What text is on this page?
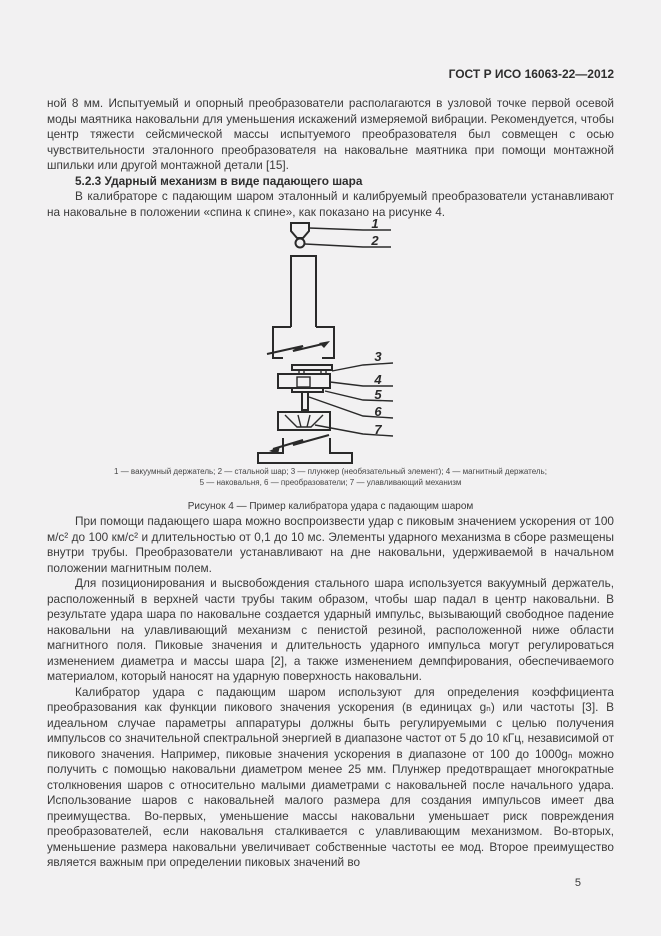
ГОСТ Р ИСО 16063-22—2012

ной 8 мм. Испытуемый и опорный преобразователи располагаются в узловой точке первой осевой моды маятника наковальни для уменьшения искажений измеряемой вибрации. Рекомендуется, чтобы центр тяжести сейсмической массы испытуемого преобразователя был совмещен с осью чувствительности эталонного преобразователя на наковальне маятника при помощи монтажной шпильки или другой монтажной детали [15].

5.2.3 Ударный механизм в виде падающего шара

В калибраторе с падающим шаром эталонный и калибруемый преобразователи устанавливают на наковальне в положении «спина к спине», как показано на рисунке 4.

1
2
3
4
5
6
7
1 — вакуумный держатель; 2 — стальной шар; 3 — плунжер (необязательный элемент); 4 — магнитный держатель;
5 — наковальня, 6 — преобразователи; 7 — улавливающий механизм
Рисунок 4 — Пример калибратора удара с падающим шаром

При помощи падающего шара можно воспроизвести удар с пиковым значением ускорения от 100 м/с² до 100 км/с² и длительностью от 0,1 до 10 мс. Элементы ударного механизма в сборе размещены внутри трубы. Преобразователи устанавливают на дне наковальни, удерживаемой в начальном положении магнитным полем.

Для позиционирования и высвобождения стального шара используется вакуумный держатель, расположенный в верхней части трубы таким образом, чтобы шар падал в центр наковальни. В результате удара шара по наковальне создается ударный импульс, вызывающий свободное падение наковальни на улавливающий механизм с пенистой резиной, расположенной ниже области магнитного поля. Пиковые значения и длительность ударного импульса могут регулироваться изменением диаметра и массы шара [2], а также изменением демпфирования, обеспечиваемого материалом, который наносят на ударную поверхность наковальни.

Калибратор удара с падающим шаром используют для определения коэффициента преобразования как функции пикового значения ускорения (в единицах gₙ) или частоты [3]. В идеальном случае параметры аппаратуры должны быть регулируемыми с целью получения импульсов со значительной спектральной энергией в диапазоне частот от 5 до 10 кГц, независимой от пикового значения. Например, пиковые значения ускорения в диапазоне от 100 до 1000gₙ можно получить с помощью наковальни диаметром менее 25 мм. Плунжер предотвращает многократные столкновения шаров с относительно малыми диаметрами с наковальней после начального удара. Использование шаров с наковальней малого размера для создания импульсов имеет два преимущества. Во-первых, уменьшение массы наковальни уменьшает риск повреждения преобразователей, если наковальня сталкивается с улавливающим механизмом. Во-вторых, уменьшение размера наковальни увеличивает собственные частоты ее мод. Второе преимущество является важным при определении пиковых значений во

5
